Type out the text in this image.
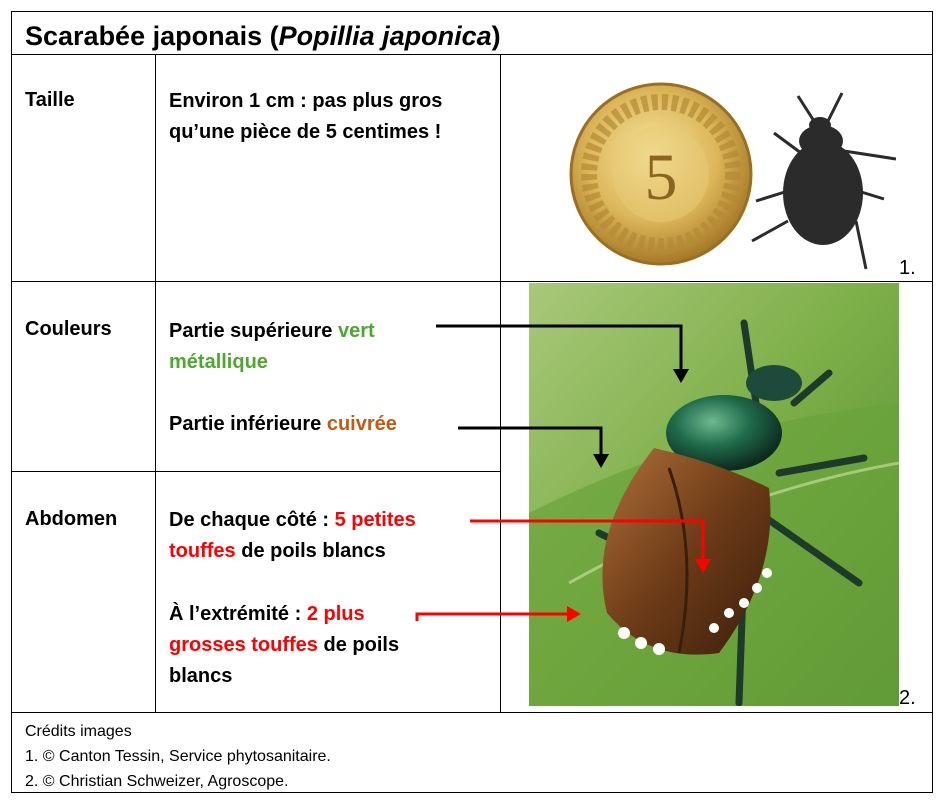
Scarabée japonais (Popillia japonica)
Taille
Couleurs
Abdomen
Environ 1 cm : pas plus gros qu’une pièce de 5 centimes !
Partie supérieure vert
métallique
Partie inférieure cuivrée
De chaque côté : 5 petites
touffes de poils blancs
À l’extrémité : 2 plus
grosses touffes de poils
blancs
5
1.
2.
Crédits images
1. © Canton Tessin, Service phytosanitaire.
2. © Christian Schweizer, Agroscope.
